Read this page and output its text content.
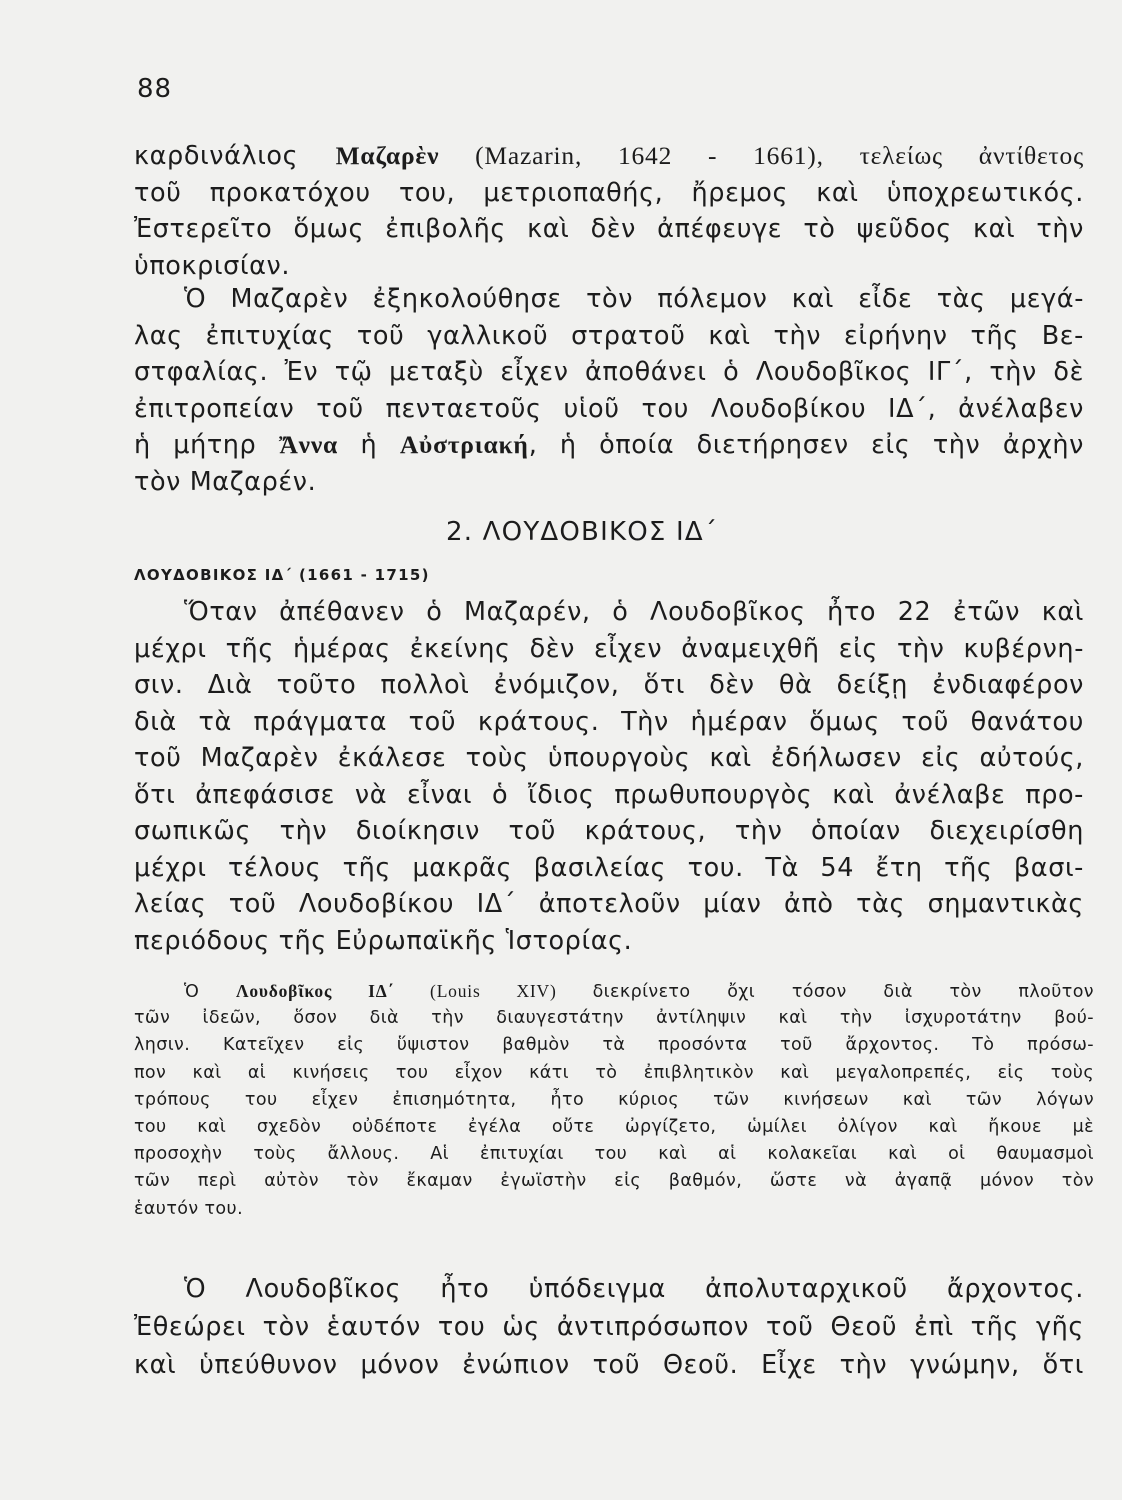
88
καρδινάλιος Μαζαρὲν (Mazarin, 1642 - 1661), τελείως ἀντίθετος
τοῦ προκατόχου του, μετριοπαθής, ἤρεμος καὶ ὑποχρεωτικός.
Ἐστερεῖτο ὅμως ἐπιβολῆς καὶ δὲν ἀπέφευγε τὸ ψεῦδος καὶ τὴν
ὑποκρισίαν.
Ὁ Μαζαρὲν ἐξηκολούθησε τὸν πόλεμον καὶ εἶδε τὰς μεγά-
λας ἐπιτυχίας τοῦ γαλλικοῦ στρατοῦ καὶ τὴν εἰρήνην τῆς Βε-
στφαλίας. Ἐν τῷ μεταξὺ εἶχεν ἀποθάνει ὁ Λουδοβῖκος ΙΓ΄, τὴν δὲ
ἐπιτροπείαν τοῦ πενταετοῦς υἱοῦ του Λουδοβίκου ΙΔ΄, ἀνέλαβεν
ἡ μήτηρ Ἄννα ἡ Αὐστριακή, ἡ ὁποία διετήρησεν εἰς τὴν ἀρχὴν
τὸν Μαζαρέν.
2. ΛΟΥΔΟΒΙΚΟΣ ΙΔ΄
ΛΟΥΔΟΒΙΚΟΣ ΙΔ΄ (1661 - 1715)
Ὅταν ἀπέθανεν ὁ Μαζαρέν, ὁ Λουδοβῖκος ἦτο 22 ἐτῶν καὶ
μέχρι τῆς ἡμέρας ἐκείνης δὲν εἶχεν ἀναμειχθῆ εἰς τὴν κυβέρνη-
σιν. Διὰ τοῦτο πολλοὶ ἐνόμιζον, ὅτι δὲν θὰ δείξῃ ἐνδιαφέρον
διὰ τὰ πράγματα τοῦ κράτους. Τὴν ἡμέραν ὅμως τοῦ θανάτου
τοῦ Μαζαρὲν ἐκάλεσε τοὺς ὑπουργοὺς καὶ ἐδήλωσεν εἰς αὐτούς,
ὅτι ἀπεφάσισε νὰ εἶναι ὁ ἴδιος πρωθυπουργὸς καὶ ἀνέλαβε προ-
σωπικῶς τὴν διοίκησιν τοῦ κράτους, τὴν ὁποίαν διεχειρίσθη
μέχρι τέλους τῆς μακρᾶς βασιλείας του. Τὰ 54 ἔτη τῆς βασι-
λείας τοῦ Λουδοβίκου ΙΔ΄ ἀποτελοῦν μίαν ἀπὸ τὰς σημαντικὰς
περιόδους τῆς Εὐρωπαϊκῆς Ἱστορίας.
Ὁ Λουδοβῖκος ΙΔ΄ (Louis XIV) διεκρίνετο ὄχι τόσον διὰ τὸν πλοῦτον
τῶν ἰδεῶν, ὅσον διὰ τὴν διαυγεστάτην ἀντίληψιν καὶ τὴν ἰσχυροτάτην βού-
λησιν. Κατεῖχεν εἰς ὕψιστον βαθμὸν τὰ προσόντα τοῦ ἄρχοντος. Τὸ πρόσω-
πον καὶ αἱ κινήσεις του εἶχον κάτι τὸ ἐπιβλητικὸν καὶ μεγαλοπρεπές, εἰς τοὺς
τρόπους του εἶχεν ἐπισημότητα, ἦτο κύριος τῶν κινήσεων καὶ τῶν λόγων
του καὶ σχεδὸν οὐδέποτε ἐγέλα οὔτε ὠργίζετο, ὡμίλει ὀλίγον καὶ ἤκουε μὲ
προσοχὴν τοὺς ἄλλους. Αἱ ἐπιτυχίαι του καὶ αἱ κολακεῖαι καὶ οἱ θαυμασμοὶ
τῶν περὶ αὐτὸν τὸν ἔκαμαν ἐγωϊστὴν εἰς βαθμόν, ὥστε νὰ ἀγαπᾷ μόνον τὸν
ἑαυτόν του.
Ὁ Λουδοβῖκος ἦτο ὑπόδειγμα ἀπολυταρχικοῦ ἄρχοντος.
Ἐθεώρει τὸν ἑαυτόν του ὡς ἀντιπρόσωπον τοῦ Θεοῦ ἐπὶ τῆς γῆς
καὶ ὑπεύθυνον μόνον ἐνώπιον τοῦ Θεοῦ. Εἶχε τὴν γνώμην, ὅτι
